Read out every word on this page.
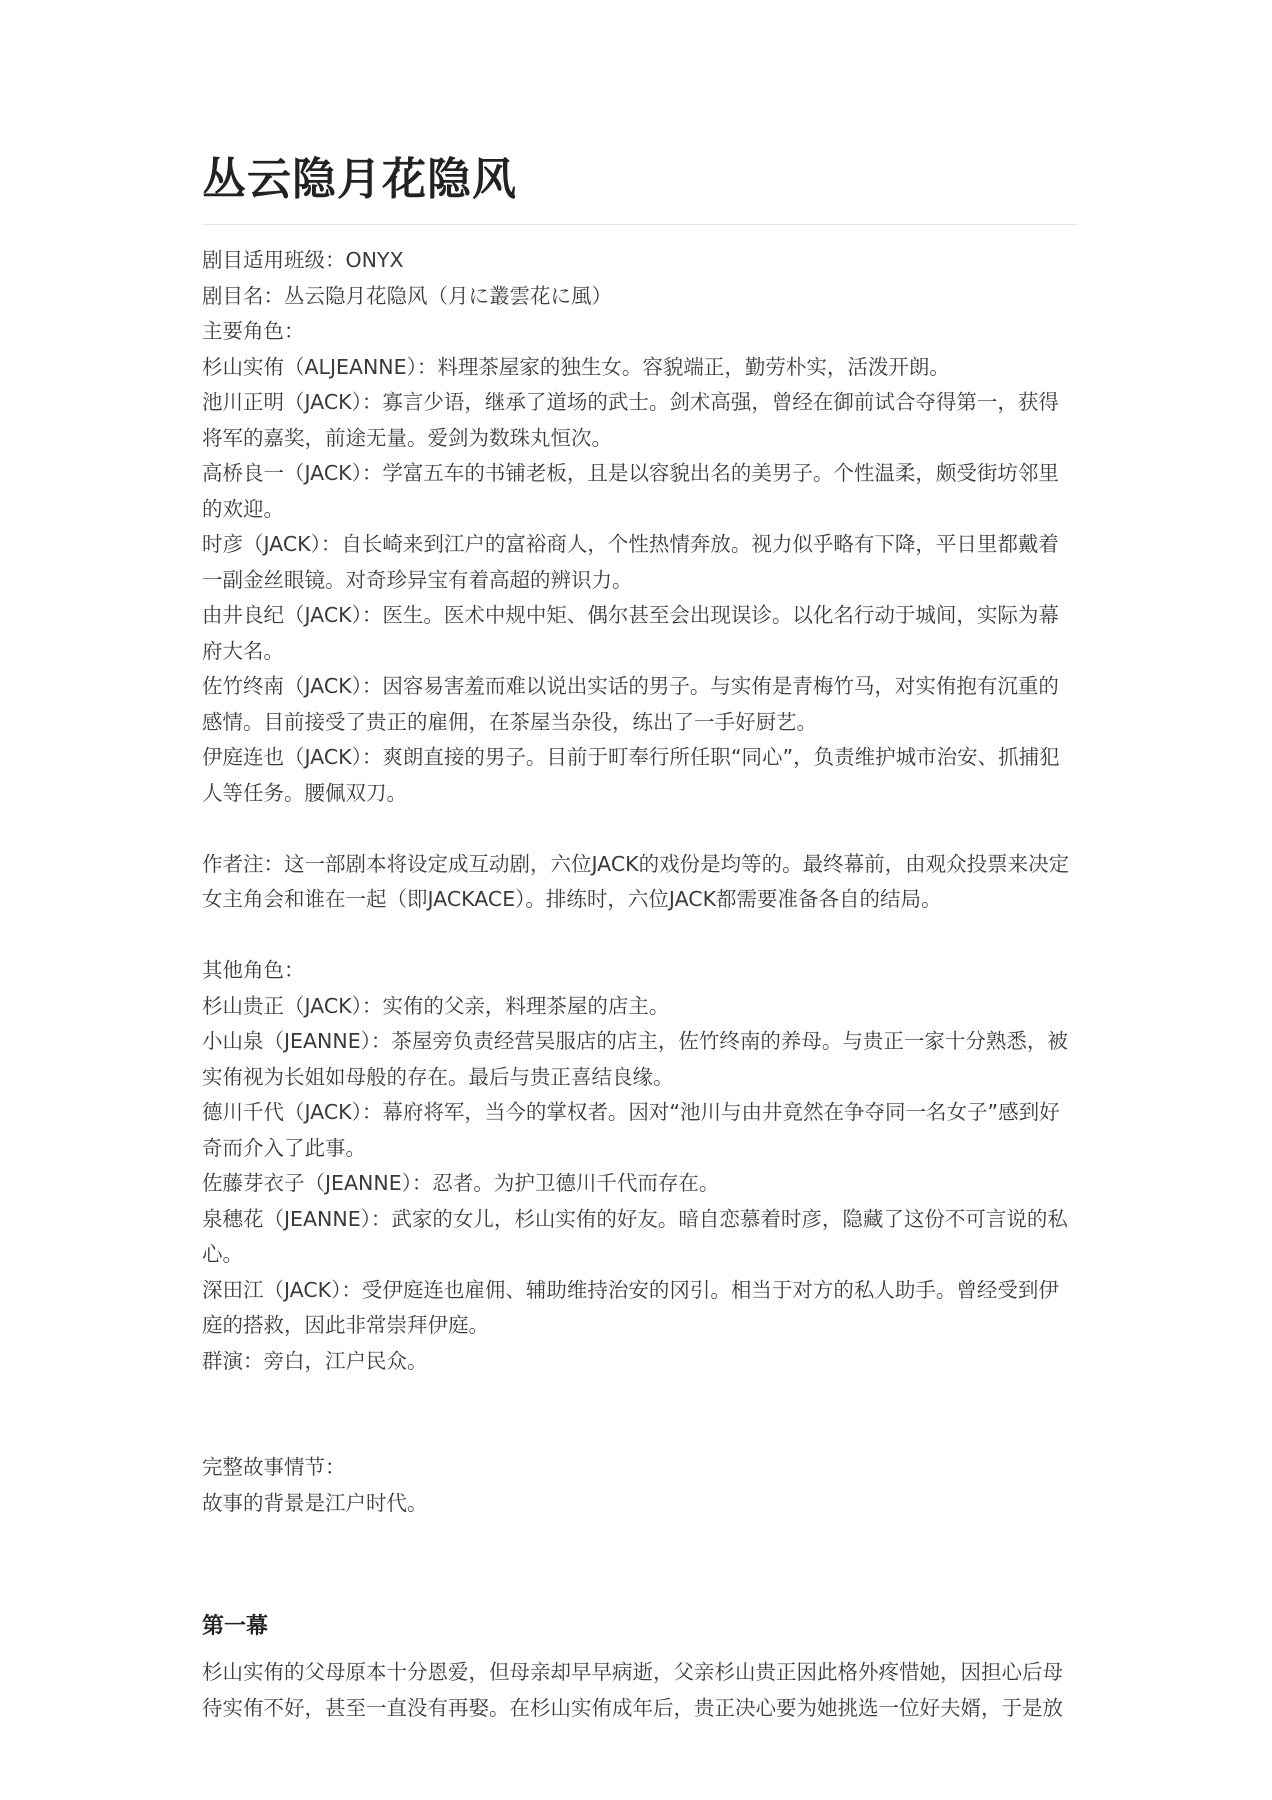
丛云隐月花隐风

剧目适用班级：ONYX

剧目名：丛云隐月花隐风（月に叢雲花に風）

主要角色：

杉山实侑（ALJEANNE）：料理茶屋家的独生女。容貌端正，勤劳朴实，活泼开朗。

池川正明（JACK）：寡言少语，继承了道场的武士。剑术高强，曾经在御前试合夺得第一，获得将军的嘉奖，前途无量。爱剑为数珠丸恒次。

高桥良一（JACK）：学富五车的书铺老板，且是以容貌出名的美男子。个性温柔，颇受街坊邻里的欢迎。

时彦（JACK）：自长崎来到江户的富裕商人，个性热情奔放。视力似乎略有下降，平日里都戴着一副金丝眼镜。对奇珍异宝有着高超的辨识力。

由井良纪（JACK）：医生。医术中规中矩、偶尔甚至会出现误诊。以化名行动于城间，实际为幕府大名。

佐竹终南（JACK）：因容易害羞而难以说出实话的男子。与实侑是青梅竹马，对实侑抱有沉重的感情。目前接受了贵正的雇佣，在茶屋当杂役，练出了一手好厨艺。

伊庭连也（JACK）：爽朗直接的男子。目前于町奉行所任职“同心”，负责维护城市治安、抓捕犯人等任务。腰佩双刀。

作者注：这一部剧本将设定成互动剧，六位JACK的戏份是均等的。最终幕前，由观众投票来决定女主角会和谁在一起（即JACKACE）。排练时，六位JACK都需要准备各自的结局。

其他角色：

杉山贵正（JACK）：实侑的父亲，料理茶屋的店主。

小山泉（JEANNE）：茶屋旁负责经营吴服店的店主，佐竹终南的养母。与贵正一家十分熟悉，被实侑视为长姐如母般的存在。最后与贵正喜结良缘。

德川千代（JACK）：幕府将军，当今的掌权者。因对“池川与由井竟然在争夺同一名女子”感到好奇而介入了此事。

佐藤芽衣子（JEANNE）：忍者。为护卫德川千代而存在。

泉穗花（JEANNE）：武家的女儿，杉山实侑的好友。暗自恋慕着时彦，隐藏了这份不可言说的私心。

深田江（JACK）：受伊庭连也雇佣、辅助维持治安的冈引。相当于对方的私人助手。曾经受到伊庭的搭救，因此非常崇拜伊庭。

群演：旁白，江户民众。

完整故事情节：

故事的背景是江户时代。

第一幕

杉山实侑的父母原本十分恩爱，但母亲却早早病逝，父亲杉山贵正因此格外疼惜她，因担心后母待实侑不好，甚至一直没有再娶。在杉山实侑成年后，贵正决心要为她挑选一位好夫婿，于是放
